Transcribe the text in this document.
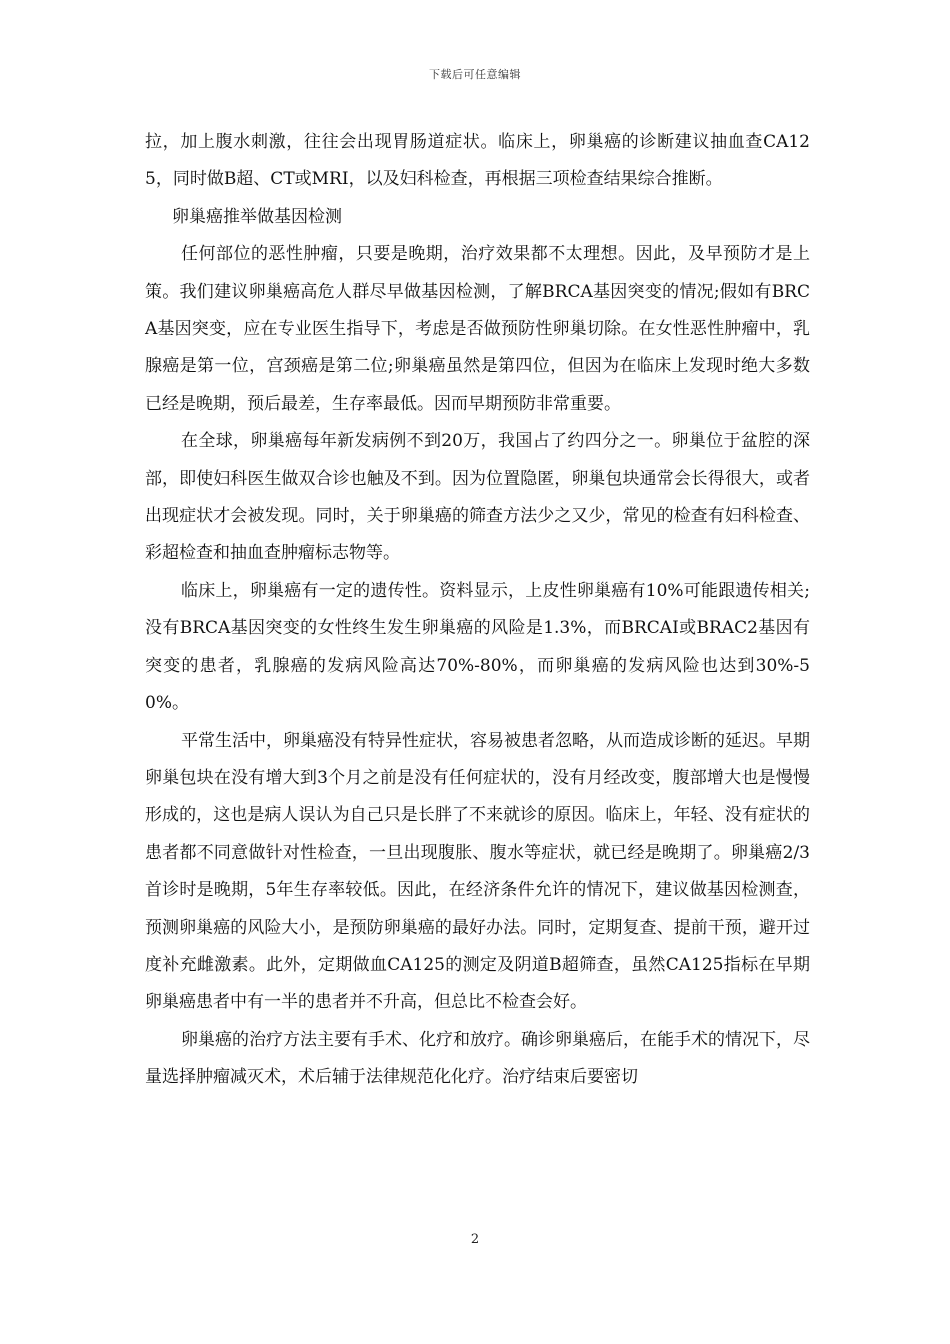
下载后可任意编辑

拉，加上腹水刺激，往往会出现胃肠道症状。临床上，卵巢癌的诊断建议抽血查CA125，同时做B超、CT或MRI，以及妇科检查，再根据三项检查结果综合推断。

卵巢癌推举做基因检测

任何部位的恶性肿瘤，只要是晚期，治疗效果都不太理想。因此，及早预防才是上策。我们建议卵巢癌高危人群尽早做基因检测，了解BRCA基因突变的情况;假如有BRCA基因突变，应在专业医生指导下，考虑是否做预防性卵巢切除。在女性恶性肿瘤中，乳腺癌是第一位，宫颈癌是第二位;卵巢癌虽然是第四位，但因为在临床上发现时绝大多数已经是晚期，预后最差，生存率最低。因而早期预防非常重要。

在全球，卵巢癌每年新发病例不到20万，我国占了约四分之一。卵巢位于盆腔的深部，即使妇科医生做双合诊也触及不到。因为位置隐匿，卵巢包块通常会长得很大，或者出现症状才会被发现。同时，关于卵巢癌的筛查方法少之又少，常见的检查有妇科检查、彩超检查和抽血查肿瘤标志物等。

临床上，卵巢癌有一定的遗传性。资料显示，上皮性卵巢癌有10%可能跟遗传相关;没有BRCA基因突变的女性终生发生卵巢癌的风险是1.3%，而BRCAI或BRAC2基因有突变的患者，乳腺癌的发病风险高达70%-80%，而卵巢癌的发病风险也达到30%-50%。

平常生活中，卵巢癌没有特异性症状，容易被患者忽略，从而造成诊断的延迟。早期卵巢包块在没有增大到3个月之前是没有任何症状的，没有月经改变，腹部增大也是慢慢形成的，这也是病人误认为自己只是长胖了不来就诊的原因。临床上，年轻、没有症状的患者都不同意做针对性检查，一旦出现腹胀、腹水等症状，就已经是晚期了。卵巢癌2/3首诊时是晚期，5年生存率较低。因此，在经济条件允许的情况下，建议做基因检测查，预测卵巢癌的风险大小，是预防卵巢癌的最好办法。同时，定期复查、提前干预，避开过度补充雌激素。此外，定期做血CA125的测定及阴道B超筛查，虽然CA125指标在早期卵巢癌患者中有一半的患者并不升高，但总比不检查会好。

卵巢癌的治疗方法主要有手术、化疗和放疗。确诊卵巢癌后，在能手术的情况下，尽量选择肿瘤减灭术，术后辅于法律规范化化疗。治疗结束后要密切

2
